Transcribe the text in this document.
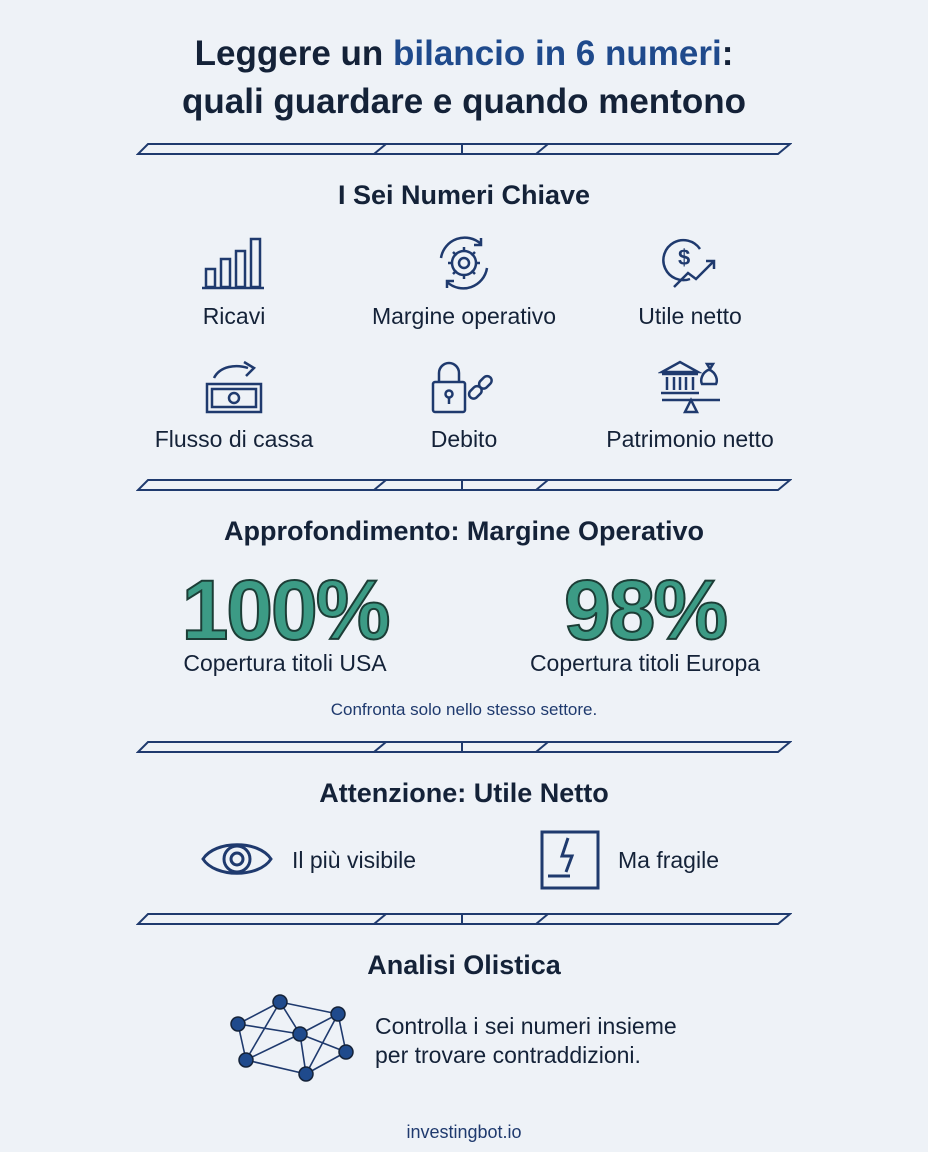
Leggere un bilancio in 6 numeri:
quali guardare e quando mentono
I Sei Numeri Chiave
$
Ricavi	Margine operativo	Utile netto
Flusso di cassa	Debito	Patrimonio netto
Approfondimento: Margine Operativo
100%
Copertura titoli USA
98%
Copertura titoli Europa
Confronta solo nello stesso settore.
Attenzione: Utile Netto
Il più visibile	Ma fragile
Analisi Olistica
Controlla i sei numeri insieme
per trovare contraddizioni.
investingbot.io
